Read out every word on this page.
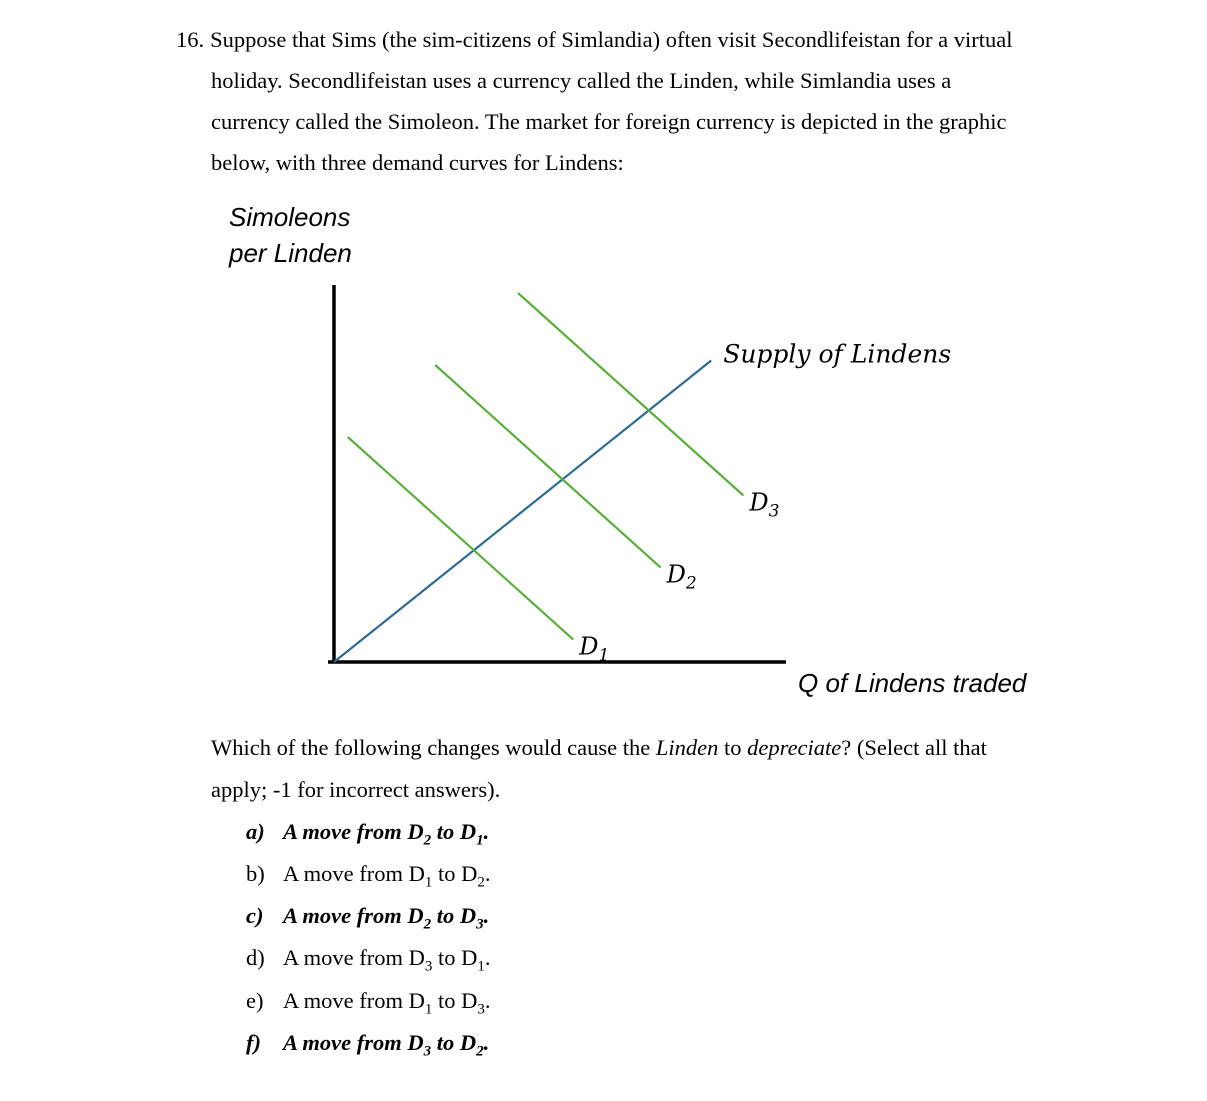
16. Suppose that Sims (the sim-citizens of Simlandia) often visit Secondlifeistan for a virtual
holiday. Secondlifeistan uses a currency called the Linden, while Simlandia uses a
currency called the Simoleon. The market for foreign currency is depicted in the graphic
below, with three demand curves for Lindens:
Simoleons
per Linden
Q of Lindens traded
Supply of Lindens
$D_1$
$D_2$
$D_3$
Which of the following changes would cause the Linden to depreciate? (Select all that
apply; -1 for incorrect answers).
a) A move from $D_2$ to $D_1$.
b) A move from $D_1$ to $D_2$.
c) A move from $D_2$ to $D_3$.
d) A move from $D_3$ to $D_1$.
e) A move from $D_1$ to $D_3$.
f) A move from $D_3$ to $D_2$.
